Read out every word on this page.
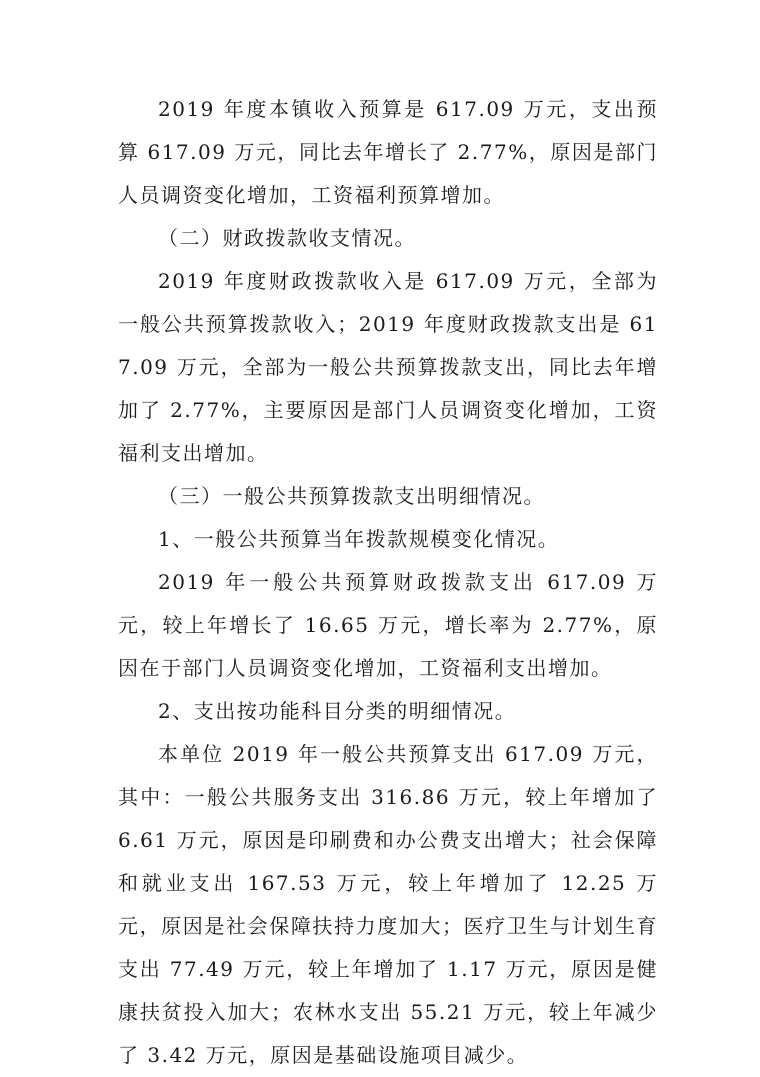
2019 年度本镇收入预算是 617.09 万元，支出预算 617.09 万元，同比去年增长了 2.77%，原因是部门人员调资变化增加，工资福利预算增加。

（二）财政拨款收支情况。

2019 年度财政拨款收入是 617.09 万元，全部为一般公共预算拨款收入；2019 年度财政拨款支出是 617.09 万元，全部为一般公共预算拨款支出，同比去年增加了 2.77%，主要原因是部门人员调资变化增加，工资福利支出增加。

（三）一般公共预算拨款支出明细情况。

1、一般公共预算当年拨款规模变化情况。

2019 年一般公共预算财政拨款支出 617.09 万元，较上年增长了 16.65 万元，增长率为 2.77%，原因在于部门人员调资变化增加，工资福利支出增加。

2、支出按功能科目分类的明细情况。

本单位 2019 年一般公共预算支出 617.09 万元，其中：一般公共服务支出 316.86 万元，较上年增加了 6.61 万元，原因是印刷费和办公费支出增大；社会保障和就业支出 167.53 万元，较上年增加了 12.25 万元，原因是社会保障扶持力度加大；医疗卫生与计划生育支出 77.49 万元，较上年增加了 1.17 万元，原因是健康扶贫投入加大；农林水支出 55.21 万元，较上年减少了 3.42 万元，原因是基础设施项目减少。
